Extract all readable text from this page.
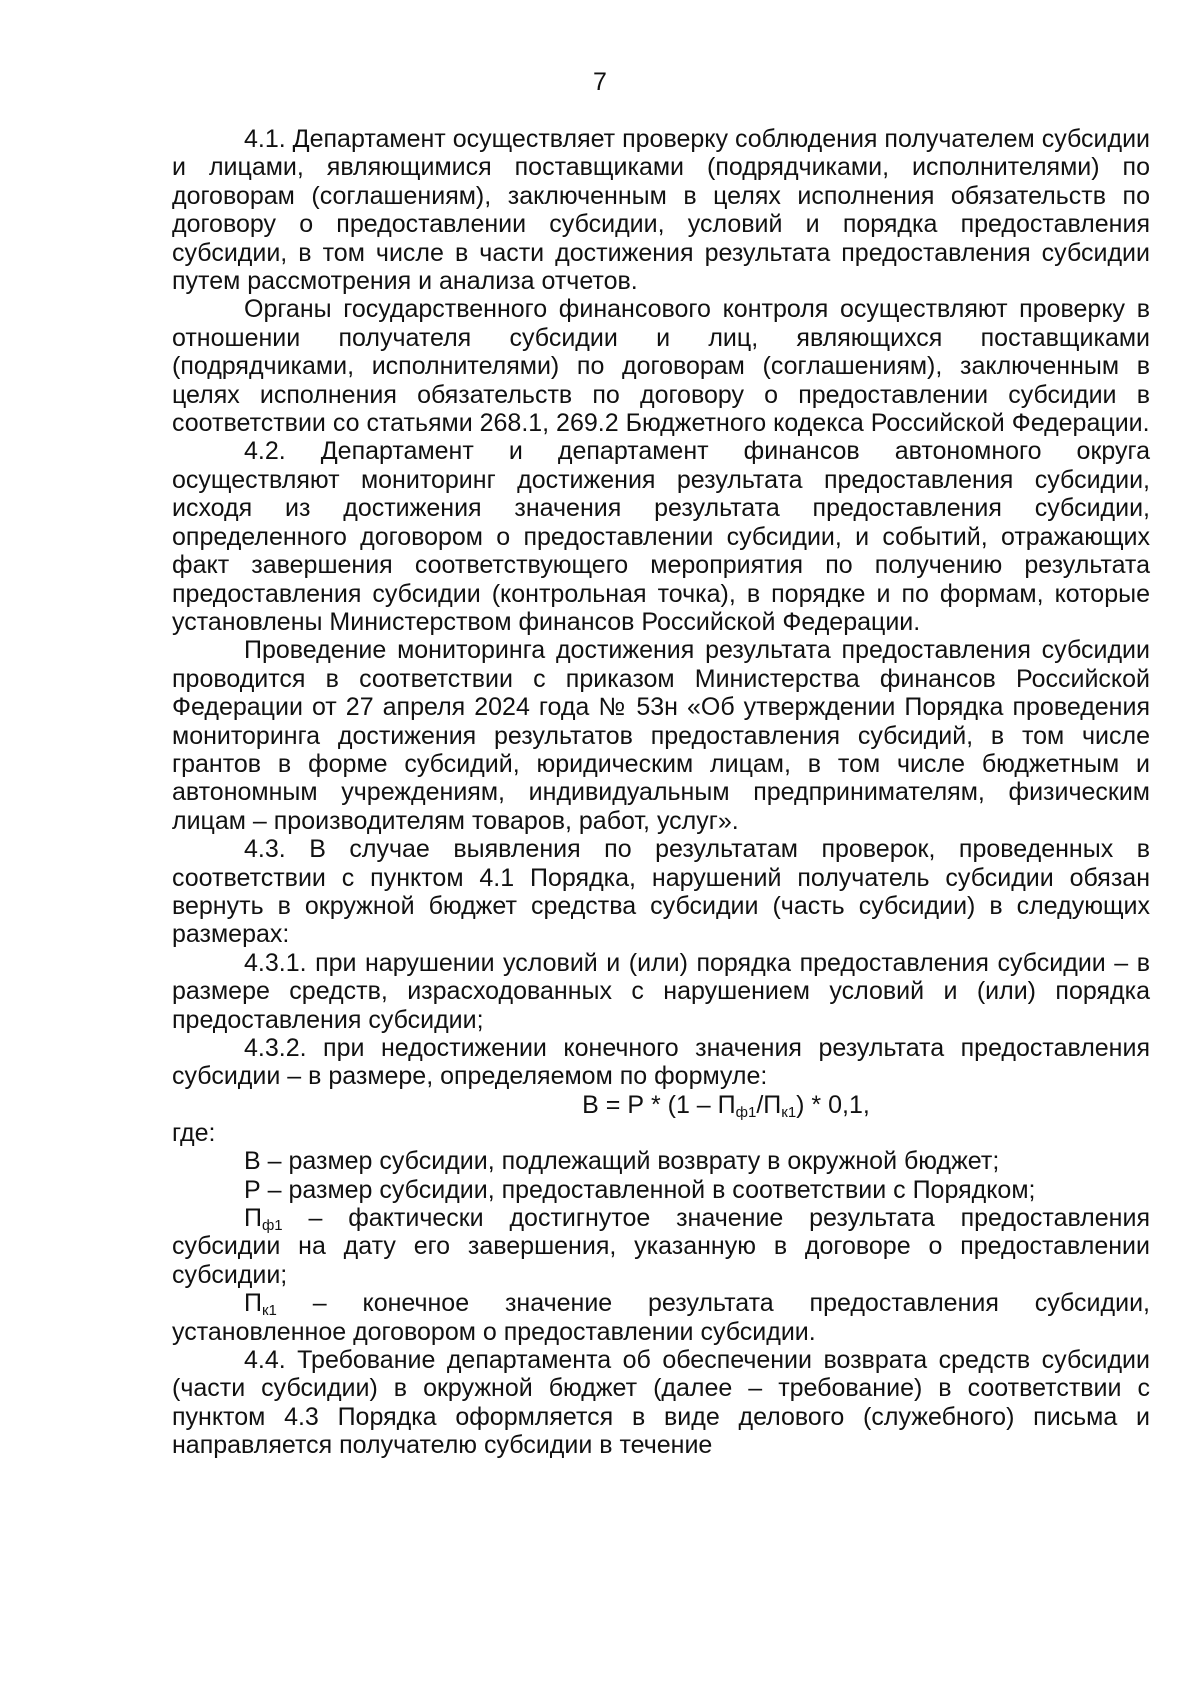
7

4.1. Департамент осуществляет проверку соблюдения получателем субсидии и лицами, являющимися поставщиками (подрядчиками, исполнителями) по договорам (соглашениям), заключенным в целях исполнения обязательств по договору о предоставлении субсидии, условий и порядка предоставления субсидии, в том числе в части достижения результата предоставления субсидии путем рассмотрения и анализа отчетов.

Органы государственного финансового контроля осуществляют проверку в отношении получателя субсидии и лиц, являющихся поставщиками (подрядчиками, исполнителями) по договорам (соглашениям), заключенным в целях исполнения обязательств по договору о предоставлении субсидии в соответствии со статьями 268.1, 269.2 Бюджетного кодекса Российской Федерации.

4.2. Департамент и департамент финансов автономного округа осуществляют мониторинг достижения результата предоставления субсидии, исходя из достижения значения результата предоставления субсидии, определенного договором о предоставлении субсидии, и событий, отражающих факт завершения соответствующего мероприятия по получению результата предоставления субсидии (контрольная точка), в порядке и по формам, которые установлены Министерством финансов Российской Федерации.

Проведение мониторинга достижения результата предоставления субсидии проводится в соответствии с приказом Министерства финансов Российской Федерации от 27 апреля 2024 года № 53н «Об утверждении Порядка проведения мониторинга достижения результатов предоставления субсидий, в том числе грантов в форме субсидий, юридическим лицам, в том числе бюджетным и автономным учреждениям, индивидуальным предпринимателям, физическим лицам – производителям товаров, работ, услуг».

4.3. В случае выявления по результатам проверок, проведенных в соответствии с пунктом 4.1 Порядка, нарушений получатель субсидии обязан вернуть в окружной бюджет средства субсидии (часть субсидии) в следующих размерах:

4.3.1. при нарушении условий и (или) порядка предоставления субсидии – в размере средств, израсходованных с нарушением условий и (или) порядка предоставления субсидии;

4.3.2. при недостижении конечного значения результата предоставления субсидии – в размере, определяемом по формуле:

$В = Р * (1 - П_{ф1}/П_{к1}) * 0,1$,

где:

В – размер субсидии, подлежащий возврату в окружной бюджет;

Р – размер субсидии, предоставленной в соответствии с Порядком;

$П_{ф1}$ – фактически достигнутое значение результата предоставления субсидии на дату его завершения, указанную в договоре о предоставлении субсидии;

$П_{к1}$ – конечное значение результата предоставления субсидии, установленное договором о предоставлении субсидии.

4.4. Требование департамента об обеспечении возврата средств субсидии (части субсидии) в окружной бюджет (далее – требование) в соответствии с пунктом 4.3 Порядка оформляется в виде делового (служебного) письма и направляется получателю субсидии в течение
